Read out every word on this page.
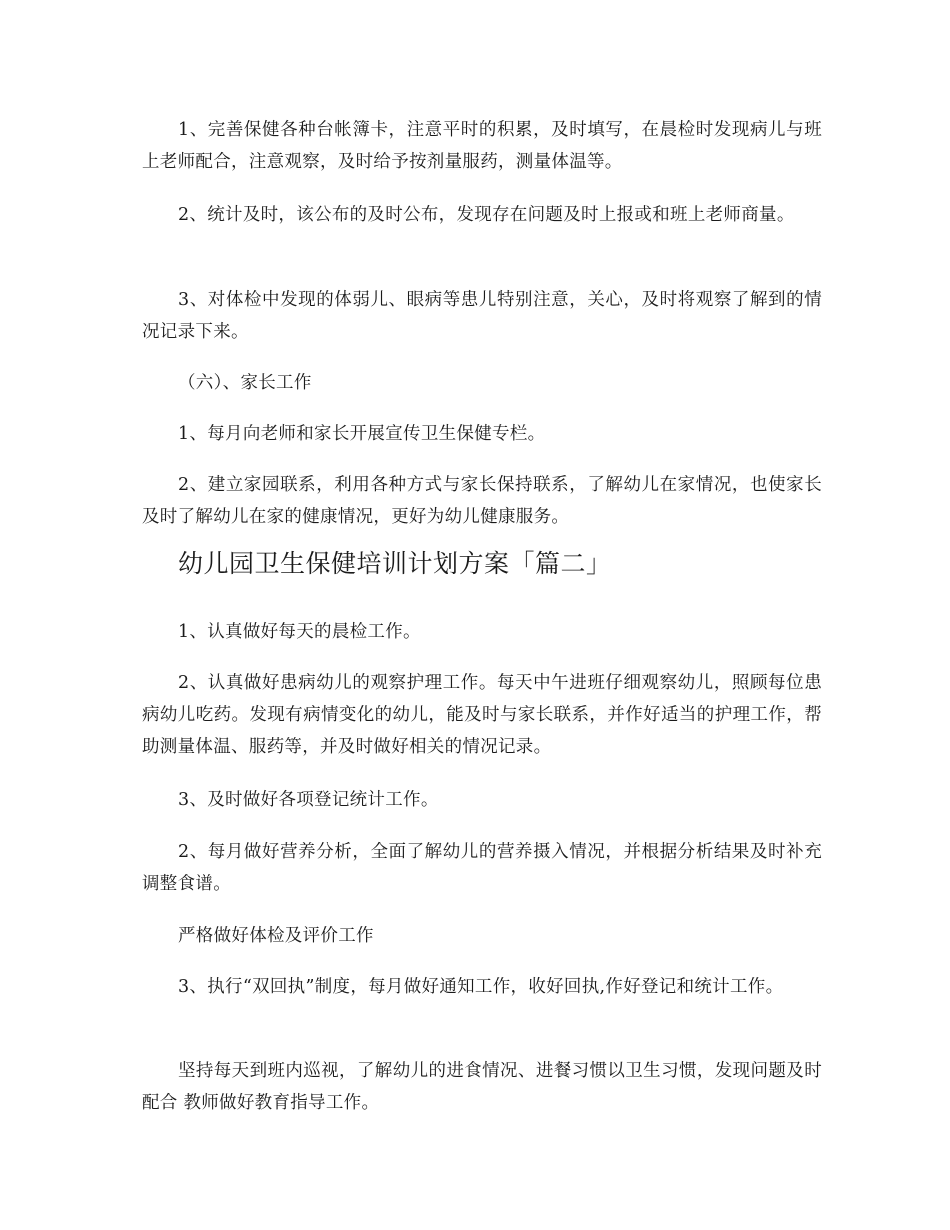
1、完善保健各种台帐簿卡，注意平时的积累，及时填写，在晨检时发现病儿与班上老师配合，注意观察，及时给予按剂量服药，测量体温等。

2、统计及时，该公布的及时公布，发现存在问题及时上报或和班上老师商量。

3、对体检中发现的体弱儿、眼病等患儿特别注意，关心，及时将观察了解到的情况记录下来。

（六）、家长工作

1、每月向老师和家长开展宣传卫生保健专栏。

2、建立家园联系，利用各种方式与家长保持联系，了解幼儿在家情况，也使家长及时了解幼儿在家的健康情况，更好为幼儿健康服务。

幼儿园卫生保健培训计划方案「篇二」

1、认真做好每天的晨检工作。

2、认真做好患病幼儿的观察护理工作。每天中午进班仔细观察幼儿，照顾每位患病幼儿吃药。发现有病情变化的幼儿，能及时与家长联系，并作好适当的护理工作，帮助测量体温、服药等，并及时做好相关的情况记录。

3、及时做好各项登记统计工作。

2、每月做好营养分析，全面了解幼儿的营养摄入情况，并根据分析结果及时补充调整食谱。

严格做好体检及评价工作

3、执行“双回执”制度，每月做好通知工作，收好回执,作好登记和统计工作。

坚持每天到班内巡视，了解幼儿的进食情况、进餐习惯以卫生习惯，发现问题及时配合 教师做好教育指导工作。
